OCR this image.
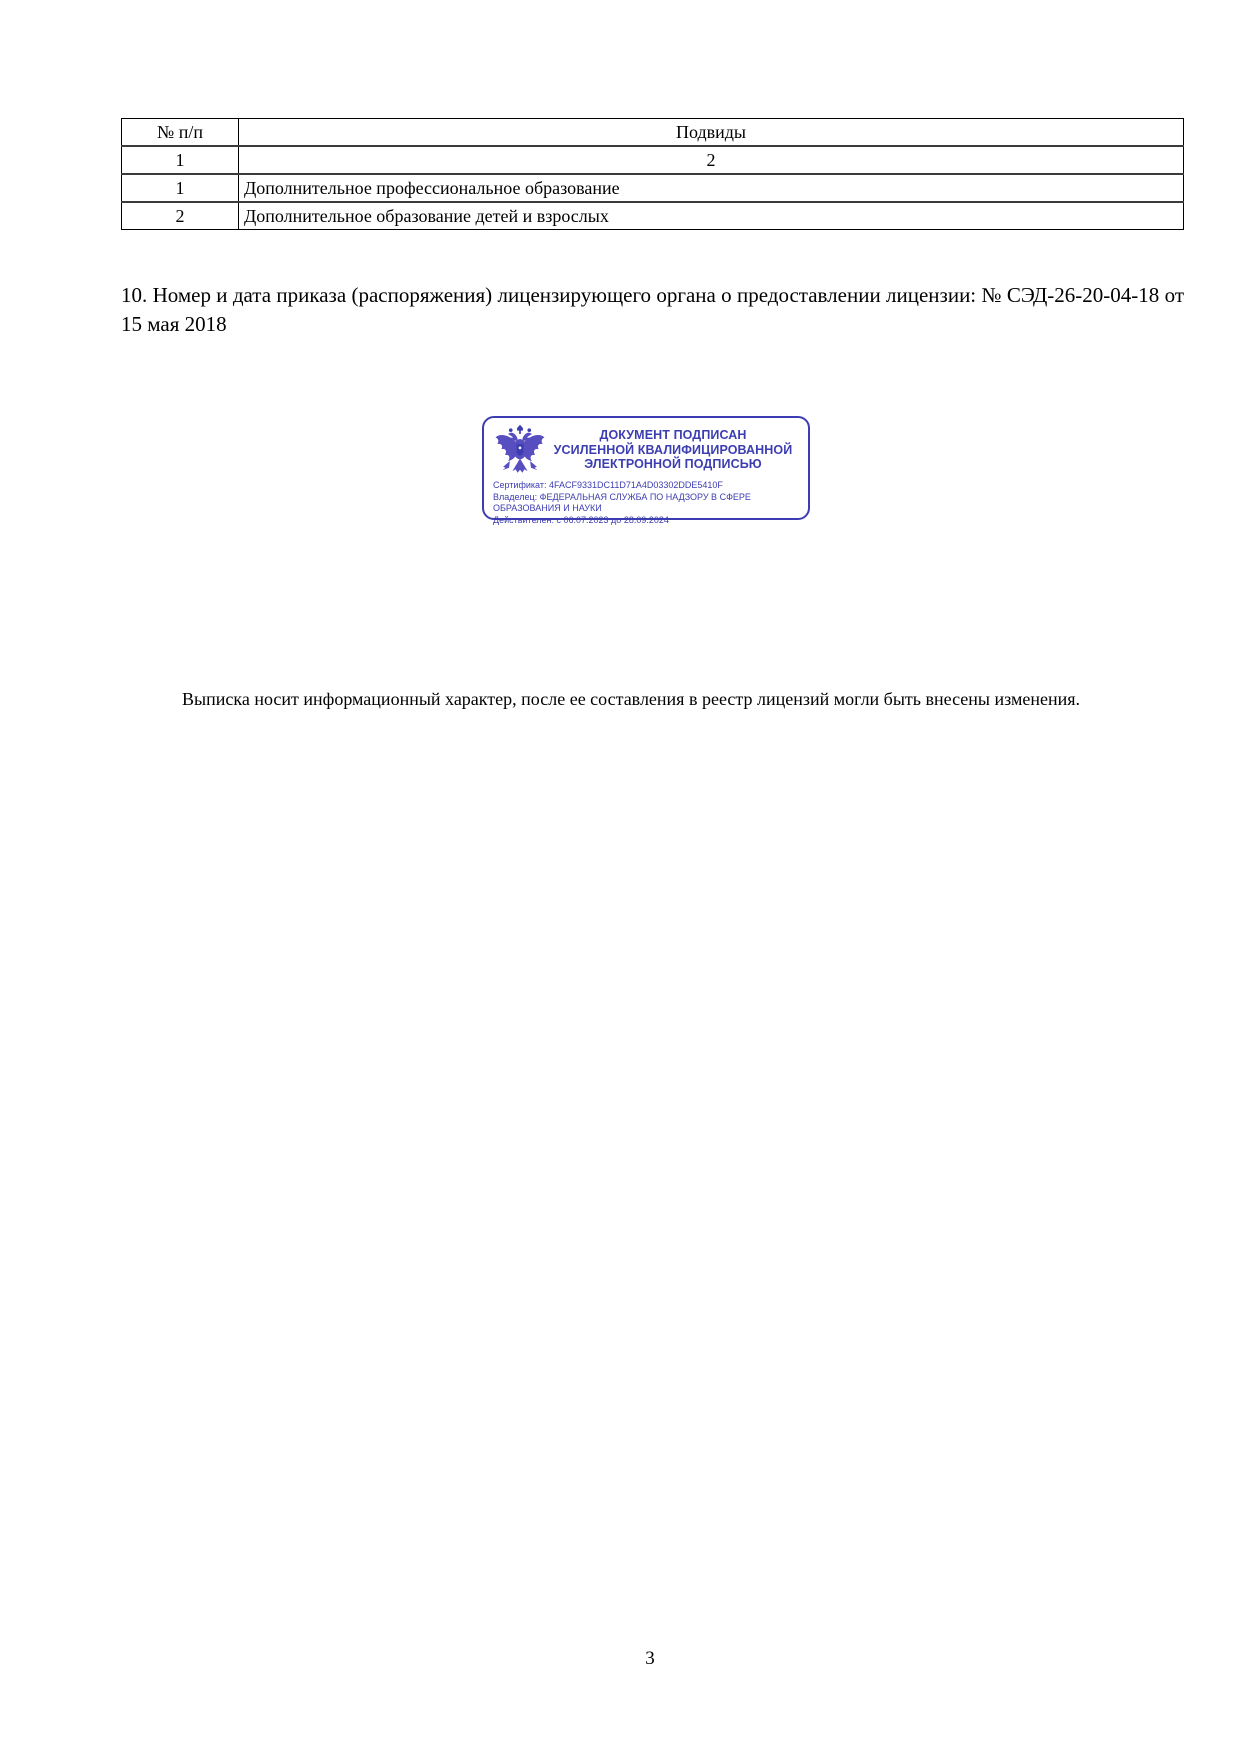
№ п/п	Подвиды
1	2
1	Дополнительное профессиональное образование
2	Дополнительное образование детей и взрослых

10. Номер и дата приказа (распоряжения) лицензирующего органа о предоставлении лицензии: № СЭД-26-20-04-18 от 15 мая 2018

ДОКУМЕНТ ПОДПИСАН
УСИЛЕННОЙ КВАЛИФИЦИРОВАННОЙ
ЭЛЕКТРОННОЙ ПОДПИСЬЮ
Сертификат: 4FACF9331DC11D71A4D03302DDE5410F
Владелец: ФЕДЕРАЛЬНАЯ СЛУЖБА ПО НАДЗОРУ В СФЕРЕ ОБРАЗОВАНИЯ И НАУКИ
Действителен: с 06.07.2023 до 28.09.2024

Выписка носит информационный характер, после ее составления в реестр лицензий могли быть внесены изменения.

3
